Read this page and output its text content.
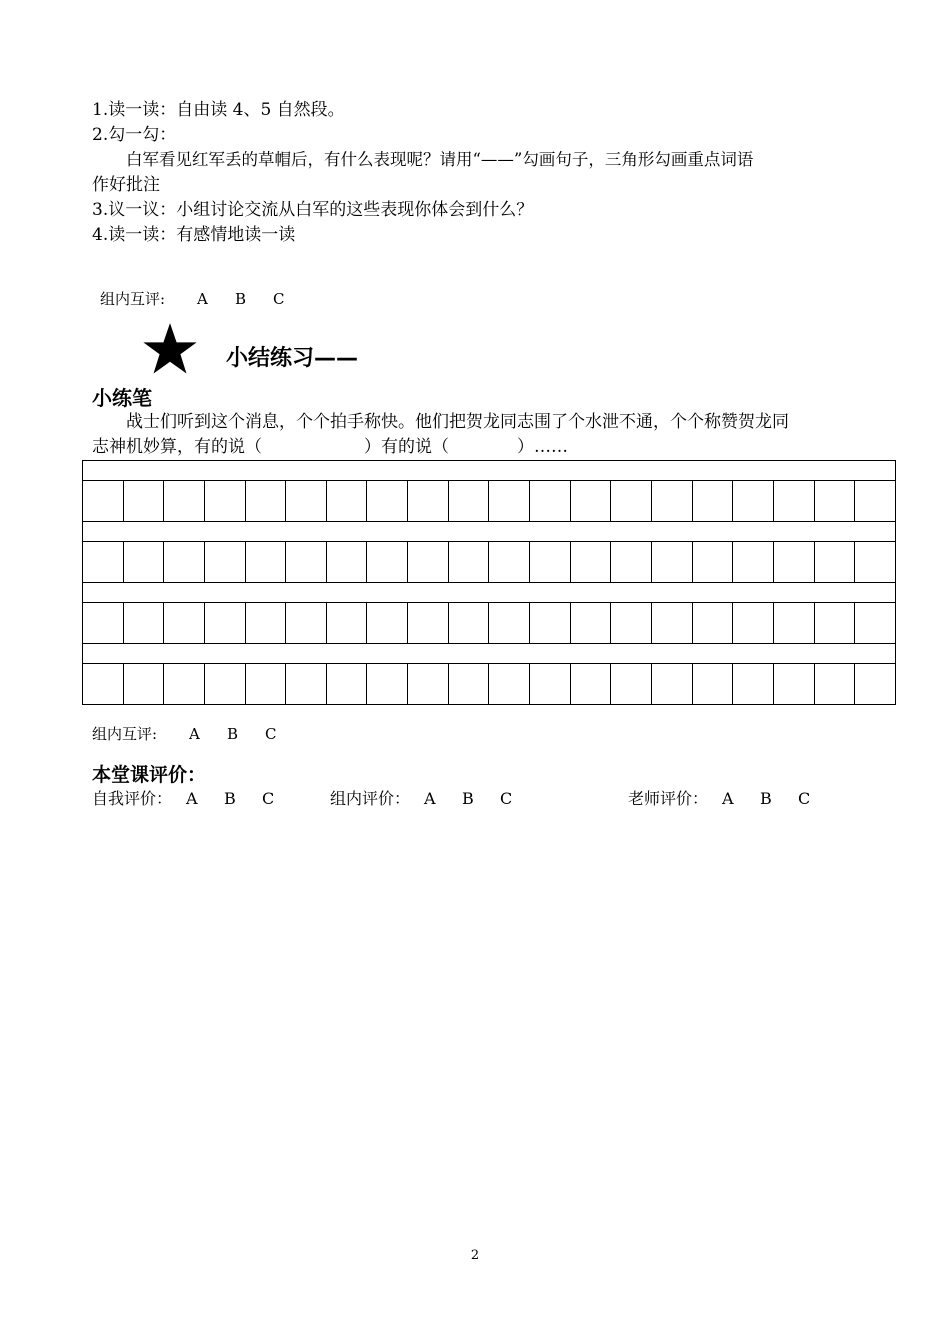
1.读一读：自由读 4、5 自然段。
2.勾一勾：
白军看见红军丢的草帽后，有什么表现呢？请用“——”勾画句子，三角形勾画重点词语
作好批注
3.议一议：小组讨论交流从白军的这些表现你体会到什么？
4.读一读：有感情地读一读
组内互评: A B C
小结练习——
小练笔
战士们听到这个消息，个个拍手称快。他们把贺龙同志围了个水泄不通，个个称赞贺龙同
志神机妙算，有的说（　　　　　　）有的说（　　　　）……

组内互评: A B C
本堂课评价：
自我评价： A B C	组内评价： A B C	老师评价： A B C
2
